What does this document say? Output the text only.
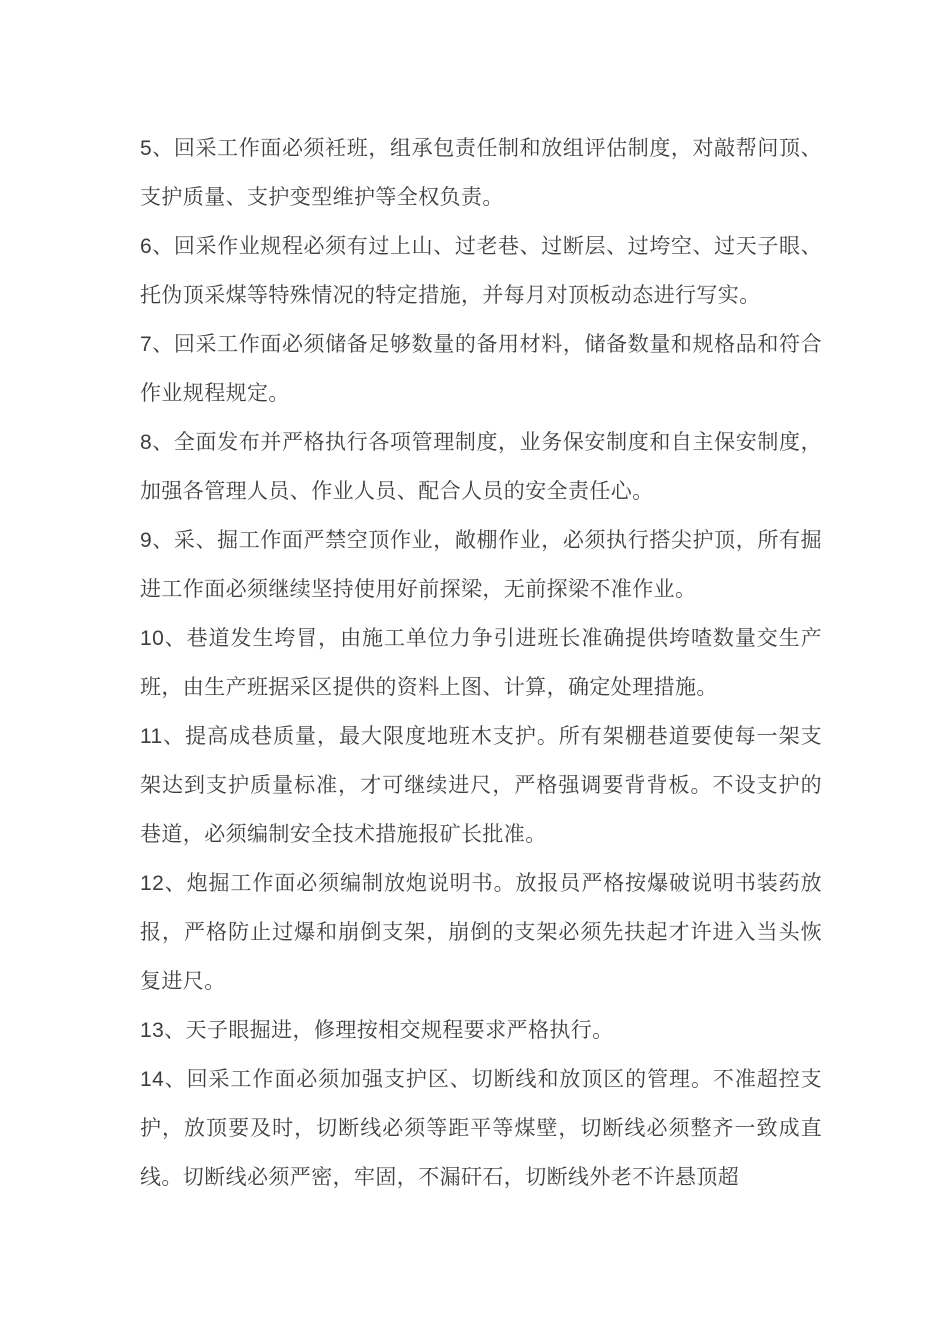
5、回采工作面必须衽班，组承包责任制和放组评估制度，对敲帮问顶、支护质量、支护变型维护等全权负责。

6、回采作业规程必须有过上山、过老巷、过断层、过垮空、过天子眼、托伪顶采煤等特殊情况的特定措施，并每月对顶板动态进行写实。

7、回采工作面必须储备足够数量的备用材料，储备数量和规格品和符合作业规程规定。

8、全面发布并严格执行各项管理制度，业务保安制度和自主保安制度，加强各管理人员、作业人员、配合人员的安全责任心。

9、采、掘工作面严禁空顶作业，敞棚作业，必须执行搭尖护顶，所有掘进工作面必须继续坚持使用好前探梁，无前探梁不准作业。

10、巷道发生垮冒，由施工单位力争引进班长准确提供垮喳数量交生产班，由生产班据采区提供的资料上图、计算，确定处理措施。

11、提高成巷质量，最大限度地班木支护。所有架棚巷道要使每一架支架达到支护质量标准，才可继续进尺，严格强调要背背板。不设支护的巷道，必须编制安全技术措施报矿长批准。

12、炮掘工作面必须编制放炮说明书。放报员严格按爆破说明书装药放报，严格防止过爆和崩倒支架，崩倒的支架必须先扶起才许进入当头恢复进尺。

13、天子眼掘进，修理按相交规程要求严格执行。

14、回采工作面必须加强支护区、切断线和放顶区的管理。不准超控支护，放顶要及时，切断线必须等距平等煤壁，切断线必须整齐一致成直线。切断线必须严密，牢固，不漏矸石，切断线外老不许悬顶超
